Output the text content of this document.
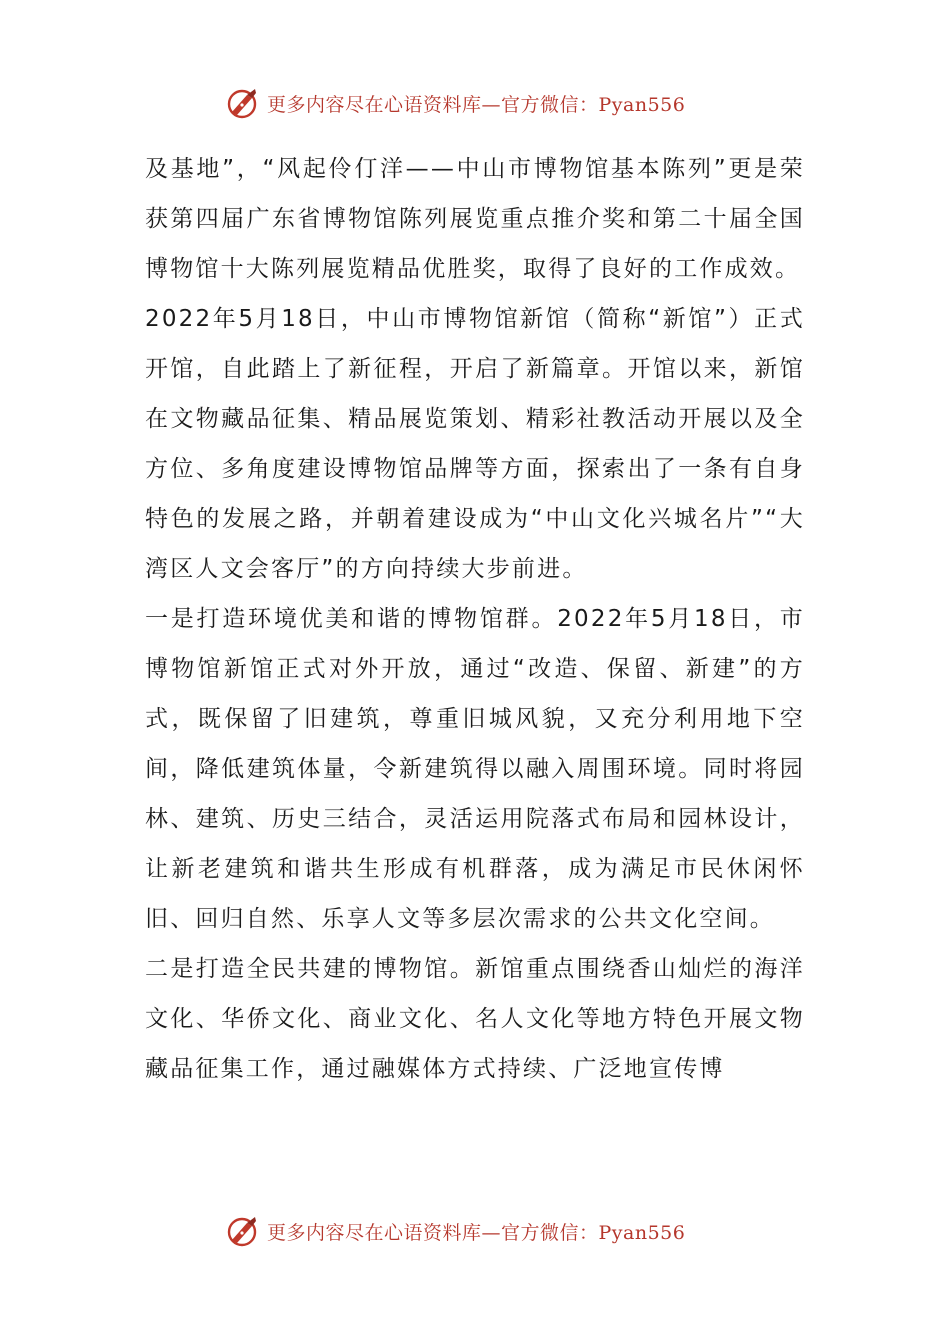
更多内容尽在心语资料库—官方微信：Pyan556

及基地”，“风起伶仃洋——中山市博物馆基本陈列”更是荣获第四届广东省博物馆陈列展览重点推介奖和第二十届全国博物馆十大陈列展览精品优胜奖，取得了良好的工作成效。

2022年5月18日，中山市博物馆新馆（简称“新馆”）正式开馆，自此踏上了新征程，开启了新篇章。开馆以来，新馆在文物藏品征集、精品展览策划、精彩社教活动开展以及全方位、多角度建设博物馆品牌等方面，探索出了一条有自身特色的发展之路，并朝着建设成为“中山文化兴城名片”“大湾区人文会客厅”的方向持续大步前进。

一是打造环境优美和谐的博物馆群。2022年5月18日，市博物馆新馆正式对外开放，通过“改造、保留、新建”的方式，既保留了旧建筑，尊重旧城风貌，又充分利用地下空间，降低建筑体量，令新建筑得以融入周围环境。同时将园林、建筑、历史三结合，灵活运用院落式布局和园林设计，让新老建筑和谐共生形成有机群落，成为满足市民休闲怀旧、回归自然、乐享人文等多层次需求的公共文化空间。

二是打造全民共建的博物馆。新馆重点围绕香山灿烂的海洋文化、华侨文化、商业文化、名人文化等地方特色开展文物藏品征集工作，通过融媒体方式持续、广泛地宣传博

更多内容尽在心语资料库—官方微信：Pyan556
